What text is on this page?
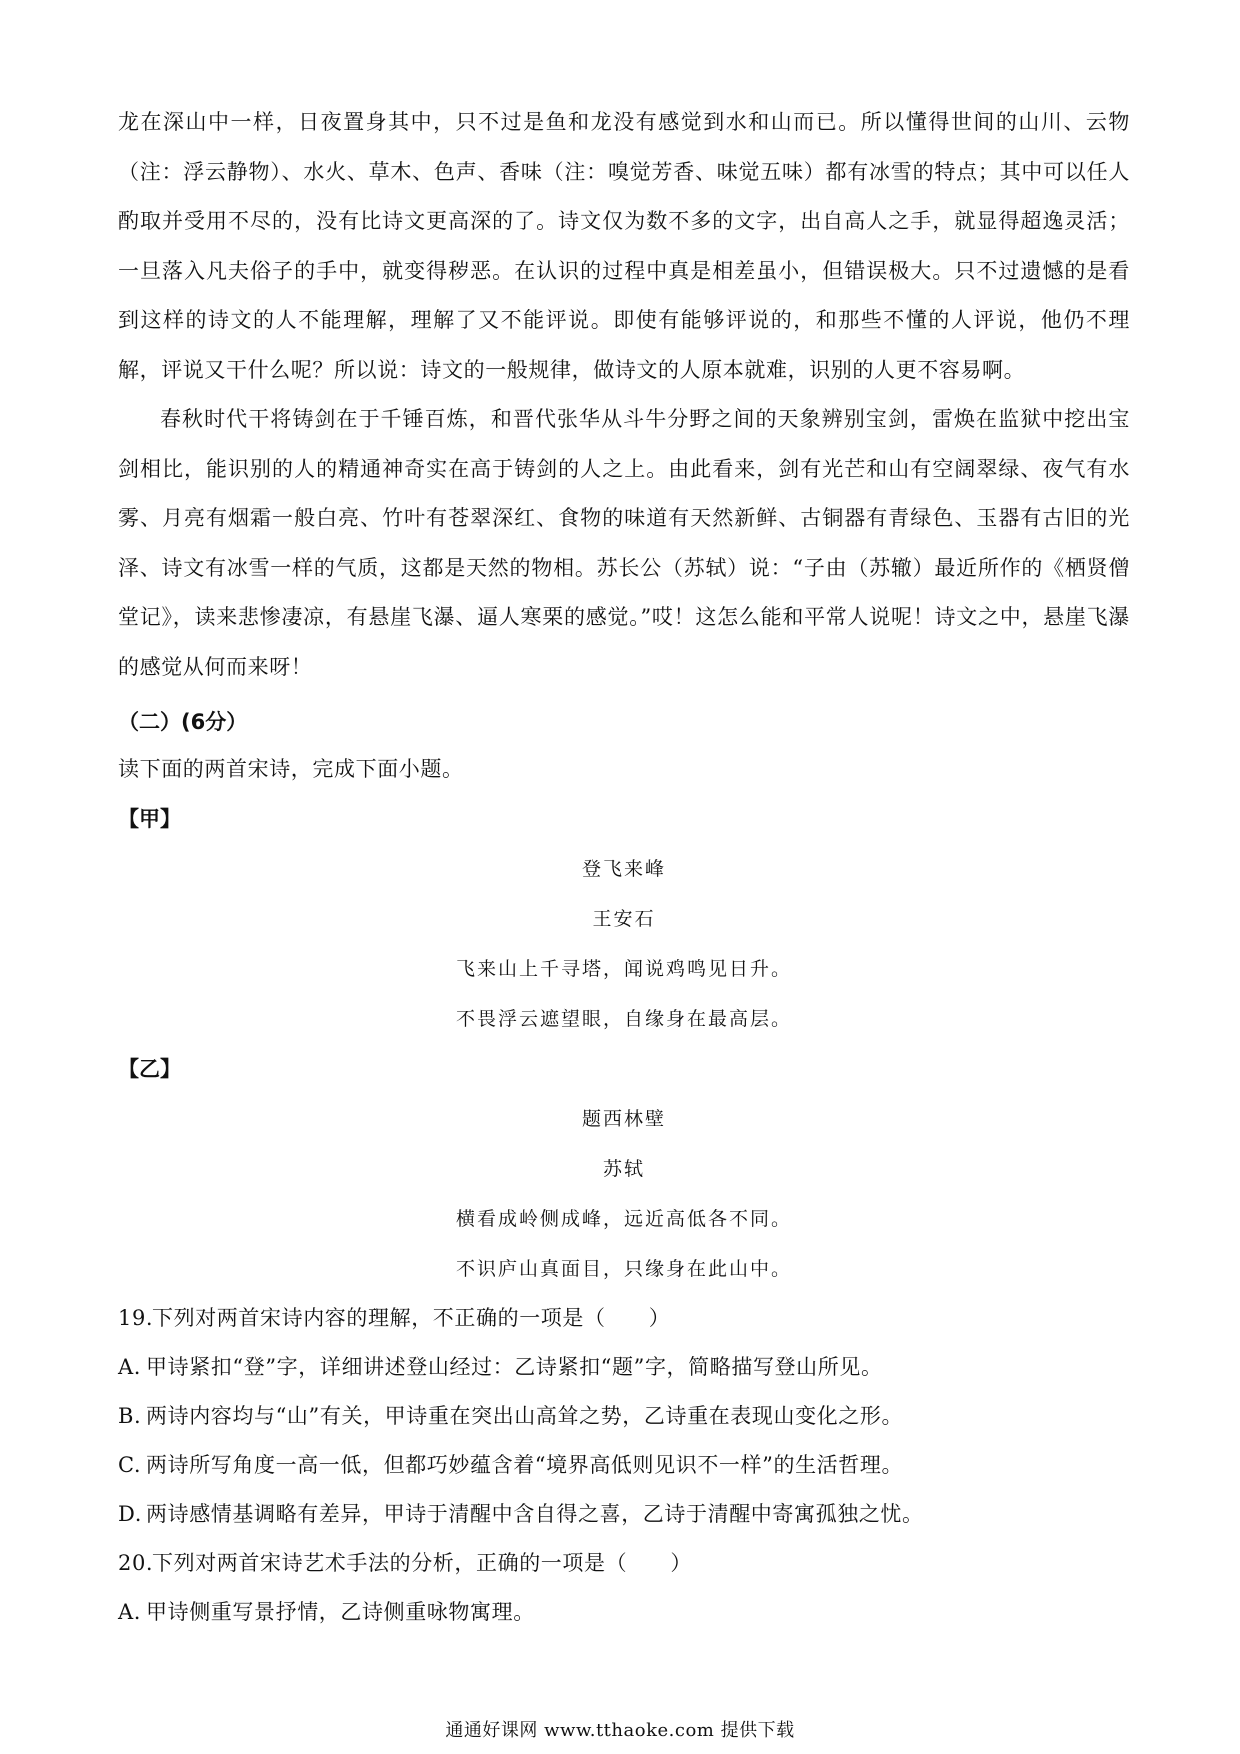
龙在深山中一样，日夜置身其中，只不过是鱼和龙没有感觉到水和山而已。所以懂得世间的山川、云物（注：浮云静物）、水火、草木、色声、香味（注：嗅觉芳香、味觉五味）都有冰雪的特点；其中可以任人酌取并受用不尽的，没有比诗文更高深的了。诗文仅为数不多的文字，出自高人之手，就显得超逸灵活；一旦落入凡夫俗子的手中，就变得秽恶。在认识的过程中真是相差虽小，但错误极大。只不过遗憾的是看到这样的诗文的人不能理解，理解了又不能评说。即使有能够评说的，和那些不懂的人评说，他仍不理解，评说又干什么呢？所以说：诗文的一般规律，做诗文的人原本就难，识别的人更不容易啊。

春秋时代干将铸剑在于千锤百炼，和晋代张华从斗牛分野之间的天象辨别宝剑，雷焕在监狱中挖出宝剑相比，能识别的人的精通神奇实在高于铸剑的人之上。由此看来，剑有光芒和山有空阔翠绿、夜气有水雾、月亮有烟霜一般白亮、竹叶有苍翠深红、食物的味道有天然新鲜、古铜器有青绿色、玉器有古旧的光泽、诗文有冰雪一样的气质，这都是天然的物相。苏长公（苏轼）说：“子由（苏辙）最近所作的《栖贤僧堂记》，读来悲惨凄凉，有悬崖飞瀑、逼人寒栗的感觉。”哎！这怎么能和平常人说呢！诗文之中，悬崖飞瀑的感觉从何而来呀！

（二）(6分）

读下面的两首宋诗，完成下面小题。

【甲】

登飞来峰

王安石

飞来山上千寻塔，闻说鸡鸣见日升。

不畏浮云遮望眼，自缘身在最高层。

【乙】

题西林壁

苏轼

横看成岭侧成峰，远近高低各不同。

不识庐山真面目，只缘身在此山中。

19.下列对两首宋诗内容的理解，不正确的一项是（　　）

A. 甲诗紧扣“登”字，详细讲述登山经过：乙诗紧扣“题”字，简略描写登山所见。

B. 两诗内容均与“山”有关，甲诗重在突出山高耸之势，乙诗重在表现山变化之形。

C. 两诗所写角度一高一低，但都巧妙蕴含着“境界高低则见识不一样”的生活哲理。

D. 两诗感情基调略有差异，甲诗于清醒中含自得之喜，乙诗于清醒中寄寓孤独之忧。

20.下列对两首宋诗艺术手法的分析，正确的一项是（　　）

A. 甲诗侧重写景抒情，乙诗侧重咏物寓理。

通通好课网 www.tthaoke.com 提供下载
